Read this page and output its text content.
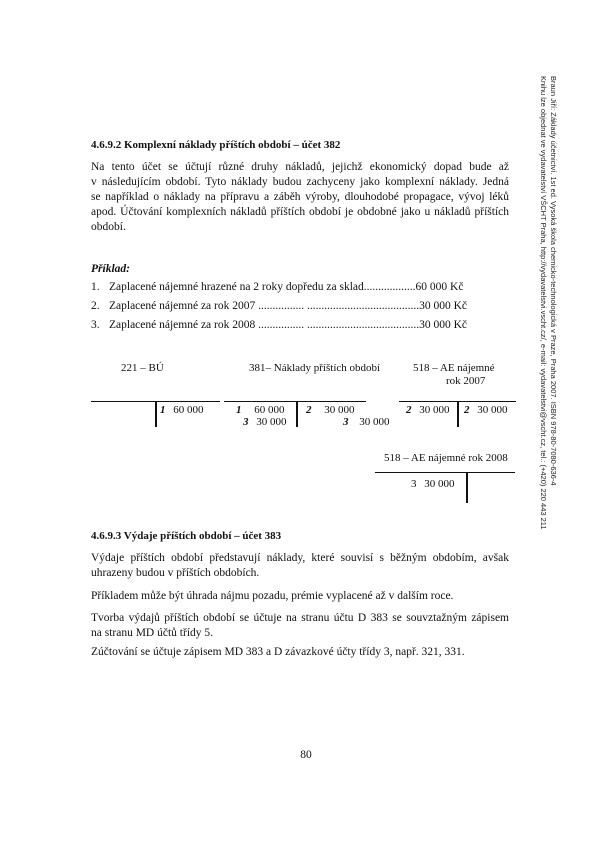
4.6.9.2 Komplexní náklady příštích období – účet 382
Na tento účet se účtují různé druhy nákladů, jejichž ekonomický dopad bude až
v následujícím období. Tyto náklady budou zachyceny jako komplexní náklady. Jedná
se například o náklady na přípravu a záběh výroby, dlouhodobé propagace, vývoj léků
apod. Účtování komplexních nákladů příštích období je obdobné jako u nákladů příštích
období.
Příklad:
1. Zaplacené nájemné hrazené na 2 roky dopředu za sklad..................60 000 Kč
2. Zaplacené nájemné za rok 2007 ................ .......................................30 000 Kč
3. Zaplacené nájemné za rok 2008 ................ .......................................30 000 Kč
221 – BÚ
1 60 000
381– Náklady příštích období
1 60 000
3 30 000
2 30 000
3 30 000
518 – AE nájemné
rok 2007
2 30 000 2 30 000
518 – AE nájemné rok 2008
3 30 000
4.6.9.3 Výdaje příštích období – účet 383
Výdaje příštích období představují náklady, které souvisí s běžným obdobím, avšak
uhrazeny budou v příštích obdobích.
Příkladem může být úhrada nájmu pozadu, prémie vyplacené až v dalším roce.
Tvorba výdajů příštích období se účtuje na stranu účtu D 383 se souvztažným zápisem
na stranu MD účtů třídy 5.
Zúčtování se účtuje zápisem MD 383 a D závazkové účty třídy 3, např. 321, 331.
80
Braun Jiří: Základy účetnictví. 1st ed. Vysoká škola chemicko-technologická v Praze, Praha 2007. ISBN 978-80-7080-636-4
Knihu lze objednat ve vydavatelství VŠCHT Praha, http://vydavatelstvi.vscht.cz/, e-mail: vydavatelstvi@vscht.cz, tel.: (+420) 220 443 211
